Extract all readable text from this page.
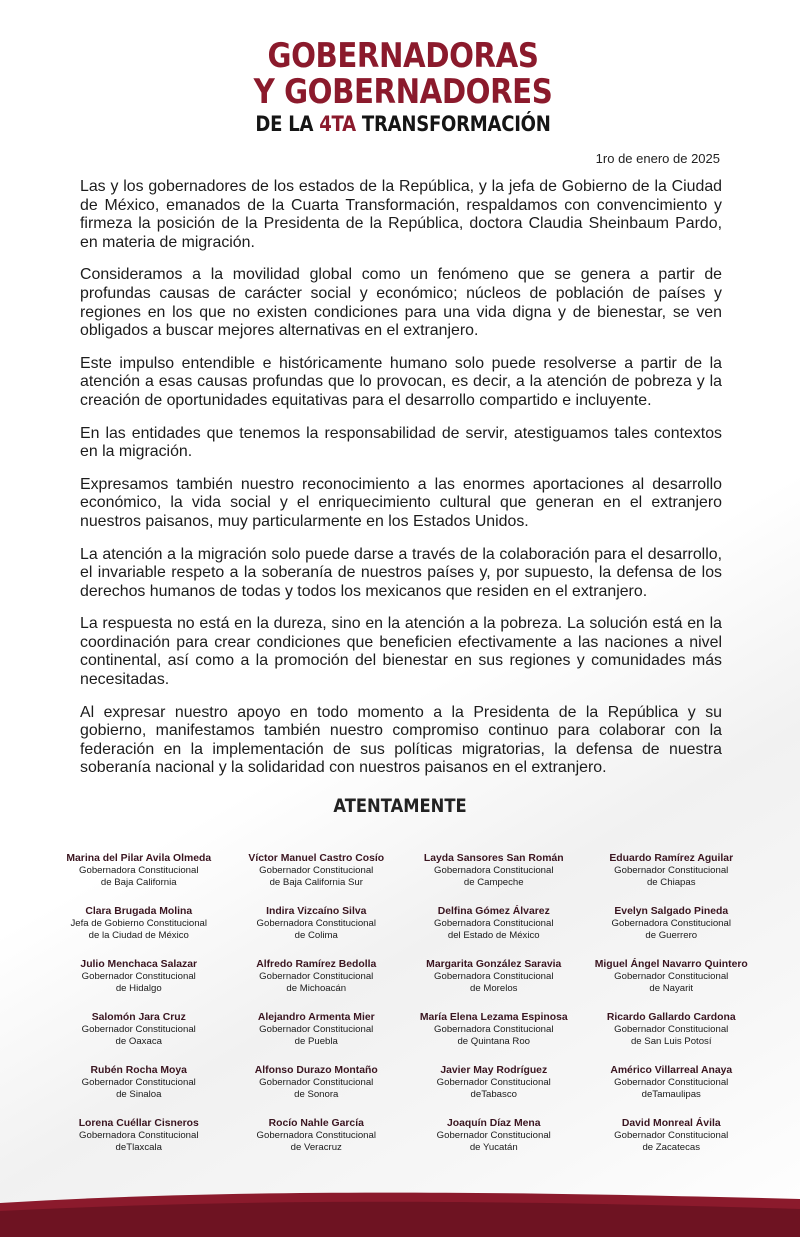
GOBERNADORAS
Y GOBERNADORES
DE LA 4TA TRANSFORMACIÓN
1ro de enero de 2025

Las y los gobernadores de los estados de la República, y la jefa de Gobierno de la Ciudad de México, emanados de la Cuarta Transformación, respaldamos con convencimiento y firmeza la posición de la Presidenta de la República, doctora Claudia Sheinbaum Pardo, en materia de migración.

Consideramos a la movilidad global como un fenómeno que se genera a partir de profundas causas de carácter social y económico; núcleos de población de países y regiones en los que no existen condiciones para una vida digna y de bienestar, se ven obligados a buscar mejores alternativas en el extranjero.

Este impulso entendible e históricamente humano solo puede resolverse a partir de la atención a esas causas profundas que lo provocan, es decir, a la atención de pobreza y la creación de oportunidades equitativas para el desarrollo compartido e incluyente.

En las entidades que tenemos la responsabilidad de servir, atestiguamos tales contextos en la migración.

Expresamos también nuestro reconocimiento a las enormes aportaciones al desarrollo económico, la vida social y el enriquecimiento cultural que generan en el extranjero nuestros paisanos, muy particularmente en los Estados Unidos.

La atención a la migración solo puede darse a través de la colaboración para el desarrollo, el invariable respeto a la soberanía de nuestros países y, por supuesto, la defensa de los derechos humanos de todas y todos los mexicanos que residen en el extranjero.

La respuesta no está en la dureza, sino en la atención a la pobreza. La solución está en la coordinación para crear condiciones que beneficien efectivamente a las naciones a nivel continental, así como a la promoción del bienestar en sus regiones y comunidades más necesitadas.

Al expresar nuestro apoyo en todo momento a la Presidenta de la República y su gobierno, manifestamos también nuestro compromiso continuo para colaborar con la federación en la implementación de sus políticas migratorias, la defensa de nuestra soberanía nacional y la solidaridad con nuestros paisanos en el extranjero.

ATENTAMENTE
Marina del Pilar Avila Olmeda
Gobernadora Constitucional
de Baja California
Víctor Manuel Castro Cosío
Gobernador Constitucional
de Baja California Sur
Layda Sansores San Román
Gobernadora Constitucional
de Campeche
Eduardo Ramírez Aguilar
Gobernador Constitucional
de Chiapas
Clara Brugada Molina
Jefa de Gobierno Constitucional
de la Ciudad de México
Indira Vizcaíno Silva
Gobernadora Constitucional
de Colima
Delfina Gómez Álvarez
Gobernadora Constitucional
del Estado de México
Evelyn Salgado Pineda
Gobernadora Constitucional
de Guerrero
Julio Menchaca Salazar
Gobernador Constitucional
de Hidalgo
Alfredo Ramírez Bedolla
Gobernador Constitucional
de Michoacán
Margarita González Saravia
Gobernadora Constitucional
de Morelos
Miguel Ángel Navarro Quintero
Gobernador Constitucional
de Nayarit
Salomón Jara Cruz
Gobernador Constitucional
de Oaxaca
Alejandro Armenta Mier
Gobernador Constitucional
de Puebla
María Elena Lezama Espinosa
Gobernadora Constitucional
de Quintana Roo
Ricardo Gallardo Cardona
Gobernador Constitucional
de San Luis Potosí
Rubén Rocha Moya
Gobernador Constitucional
de Sinaloa
Alfonso Durazo Montaño
Gobernador Constitucional
de Sonora
Javier May Rodríguez
Gobernador Constitucional
deTabasco
Américo Villarreal Anaya
Gobernador Constitucional
deTamaulipas
Lorena Cuéllar Cisneros
Gobernadora Constitucional
deTlaxcala
Rocío Nahle García
Gobernadora Constitucional
de Veracruz
Joaquín Díaz Mena
Gobernador Constitucional
de Yucatán
David Monreal Ávila
Gobernador Constitucional
de Zacatecas
